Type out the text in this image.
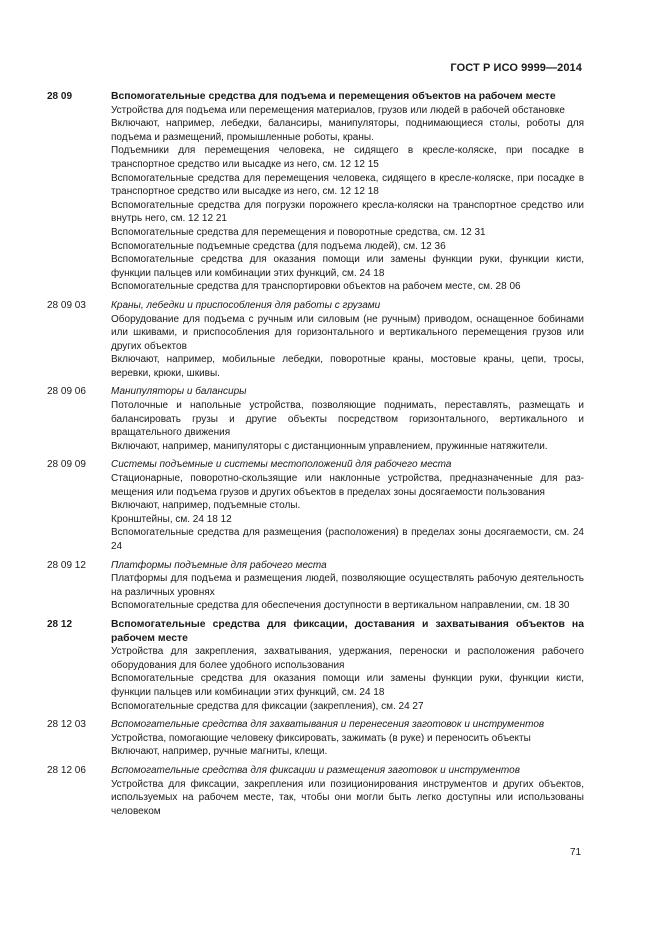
ГОСТ Р ИСО 9999—2014
28 09	Вспомогательные средства для подъема и перемещения объектов на рабочем месте

Устройства для подъема или перемещения материалов, грузов или людей в рабочей обстановке

Включают, например, лебедки, балансиры, манипуляторы, поднимающиеся столы, роботы для подъема и размещений, промышленные роботы, краны.

Подъемники для перемещения человека, не сидящего в кресле-коляске, при посадке в транспортное средство или высадке из него, см. 12 12 15

Вспомогательные средства для перемещения человека, сидящего в кресле-коляске, при посадке в транспортное средство или высадке из него, см. 12 12 18

Вспомогательные средства для погрузки порожнего кресла-коляски на транспортное средство или внутрь него, см. 12 12 21

Вспомогательные средства для перемещения и поворотные средства, см. 12 31

Вспомогательные подъемные средства (для подъема людей), см. 12 36

Вспомогательные средства для оказания помощи или замены функции руки, функции кисти, функции пальцев или комбинации этих функций, см. 24 18

Вспомогательные средства для транспортировки объектов на рабочем месте, см. 28 06

28 09 03	Краны, лебедки и приспособления для работы с грузами

Оборудование для подъема с ручным или силовым (не ручным) приводом, оснащенное бобинами или шкивами, и приспособления для горизонтального и вертикального перемещения грузов или других объектов

Включают, например, мобильные лебедки, поворотные краны, мостовые краны, цепи, тросы, веревки, крюки, шкивы.

28 09 06	Манипуляторы и балансиры

Потолочные и напольные устройства, позволяющие поднимать, переставлять, размещать и балансировать грузы и другие объекты посредством горизонтального, вертикального и вращательного движения

Включают, например, манипуляторы с дистанционным управлением, пружинные натяжители.

28 09 09	Системы подъемные и системы местоположений для рабочего места

Стационарные, поворотно-скользящие или наклонные устройства, предназначенные для размещения или подъема грузов и других объектов в пределах зоны досягаемости пользования

Включают, например, подъемные столы.

Кронштейны, см. 24 18 12

Вспомогательные средства для размещения (расположения) в пределах зоны досягаемости, см. 24 24

28 09 12	Платформы подъемные для рабочего места

Платформы для подъема и размещения людей, позволяющие осуществлять рабочую деятельность на различных уровнях

Вспомогательные средства для обеспечения доступности в вертикальном направлении, см. 18 30

28 12	Вспомогательные средства для фиксации, доставания и захватывания объектов на рабочем месте

Устройства для закрепления, захватывания, удержания, переноски и расположения рабочего оборудования для более удобного использования

Вспомогательные средства для оказания помощи или замены функции руки, функции кисти, функции пальцев или комбинации этих функций, см. 24 18

Вспомогательные средства для фиксации (закрепления), см. 24 27

28 12 03	Вспомогательные средства для захватывания и перенесения заготовок и инструментов

Устройства, помогающие человеку фиксировать, зажимать (в руке) и переносить объекты

Включают, например, ручные магниты, клещи.

28 12 06	Вспомогательные средства для фиксации и размещения заготовок и инструментов

Устройства для фиксации, закрепления или позиционирования инструментов и других объектов, используемых на рабочем месте, так, чтобы они могли быть легко доступны или использованы человеком

71
